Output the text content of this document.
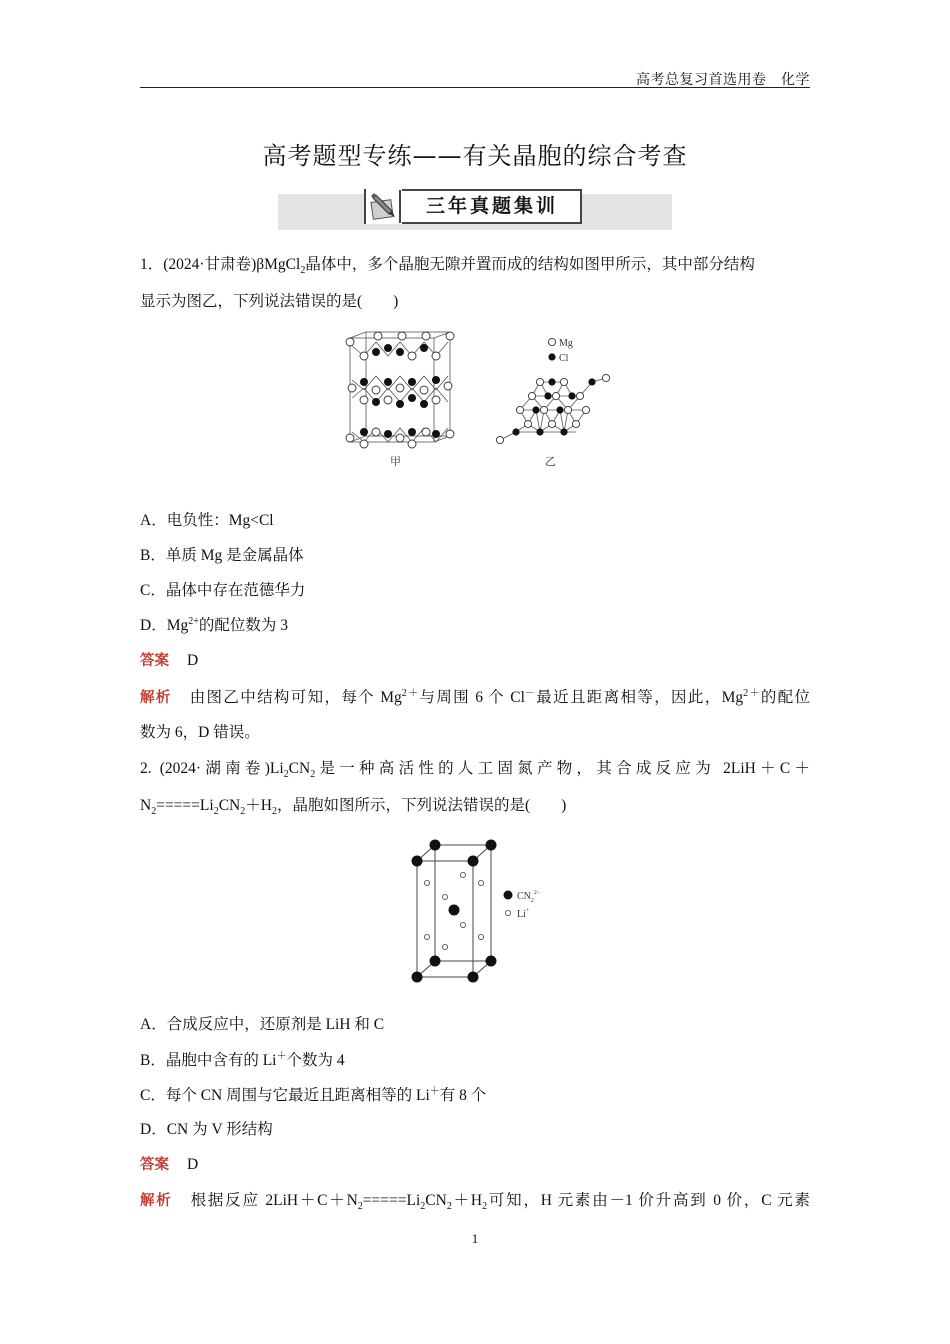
高考总复习首选用卷　化学
高考题型专练——有关晶胞的综合考查
三年真题集训
1．(2024·甘肃卷)βMgCl$_2$晶体中，多个晶胞无隙并置而成的结构如图甲所示，其中部分结构
显示为图乙，下列说法错误的是(　　)
甲
Mg
Cl
乙
A．电负性：Mg<Cl
B．单质 Mg 是金属晶体
C．晶体中存在范德华力
D．$Mg^{2+}$的配位数为 3
答案 D
解析 由图乙中结构可知，每个 $Mg^{2+}$与周围 6 个 Cl－最近且距离相等，因此，$Mg^{2+}$的配位
数为 6，D 错误。
2. (2024·湖南卷)$Li_2CN_2$是一种高活性的人工固氮产物，其合成反应为 2LiH＋C＋
$N_2=====Li_2CN_2+H_2$，晶胞如图所示，下列说法错误的是(　　)
$CN_2^{2-}$
Li+
A．合成反应中，还原剂是 LiH 和 C
B．晶胞中含有的 Li＋个数为 4
C．每个 CN 周围与它最近且距离相等的 Li＋有 8 个
D．CN 为 V 形结构
答案 D
解析 根据反应 $2LiH+C+N_2=====Li_2CN_2+H_2$可知，H 元素由－1 价升高到 0 价，C 元素
1
